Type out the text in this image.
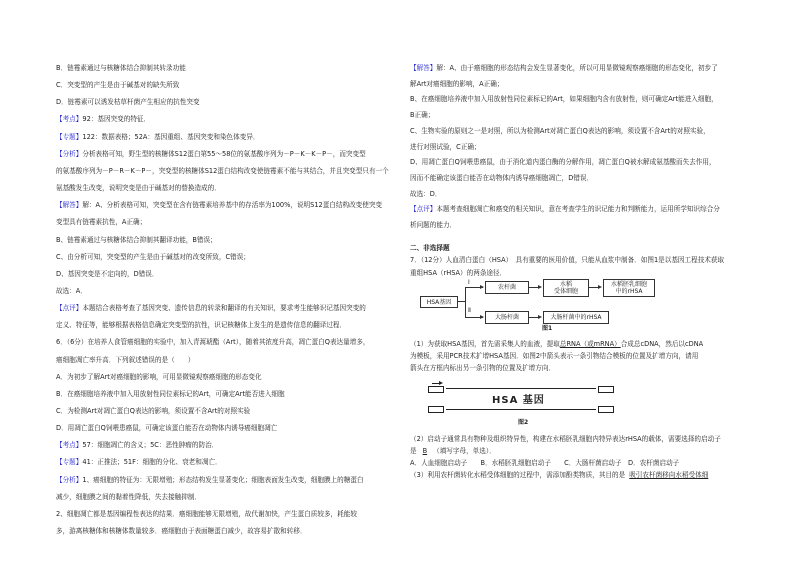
B．链霉素通过与核糖体结合抑制其转录功能
C．突变型的产生是由于碱基对的缺失所致
D．链霉素可以诱发枯草杆菌产生相应的抗性突变
【考点】92：基因突变的特征．
【专题】122：数据表格；52A：基因重组、基因突变和染色体变异．
【分析】分析表格可知，野生型的核糖体S12蛋白第55～58位的氨基酸序列为－P－K－K－P－，而突变型
的氨基酸序列为－P－R－K－P－，突变型的核糖体S12蛋白结构改变使链霉素不能与其结合，并且突变型只有一个
氨基酸发生改变，说明突变是由于碱基对的替换造成的．
【解答】解：A、分析表格可知，突变型在含有链霉素培养基中的存活率为100%，说明S12蛋白结构改变使突变
变型具有链霉素抗性，A正确；
B、链霉素通过与核糖体结合抑制其翻译功能，B错误；
C、由分析可知，突变型的产生是由于碱基对的改变所致，C错误；
D、基因突变是不定向的，D错误．
故选：A．
【点评】本题结合表格考查了基因突变、遗传信息的转录和翻译的有关知识，要求考生能够识记基因突变的
定义、特征等，能够根据表格信息确定突变型的抗性，识记核糖体上发生的是遗传信息的翻译过程．
6．（6分）在培养人食管癌细胞的实验中，加入青蒿琥酯（Art），随着其浓度升高，凋亡蛋白Q表达量增多，
癌细胞凋亡率升高．下列叙述错误的是（　　）
A．为初步了解Art对癌细胞的影响，可用显微镜观察癌细胞的形态变化
B．在癌细胞培养液中加入用放射性同位素标记的Art，可确定Art能否进入细胞
C．为检测Art对凋亡蛋白Q表达的影响，须设置不含Art的对照实验
D．用凋亡蛋白Q饲喂患癌鼠，可确定该蛋白能否在动物体内诱导癌细胞凋亡
【考点】57：细胞凋亡的含义；5C：恶性肿瘤的防治．
【专题】41：正推法；51F：细胞的分化、衰老和凋亡．
【分析】1、癌细胞的特征为：无限增殖；形态结构发生显著变化；细胞表面发生改变，细胞膜上的糖蛋白
减少，细胞膜之间的黏着性降低，失去接触抑制．
2、细胞凋亡都是基因编程性表达的结果．癌细胞能够无限增殖，故代谢加快，产生蛋白质较多，耗能较
多，游离核糖体和核糖体数量较多．癌细胞由于表面糖蛋白减少，故容易扩散和转移．
【解答】解：A、由于癌细胞的形态结构会发生显著变化，所以可用显微镜观察癌细胞的形态变化，初步了
解Art对癌细胞的影响，A正确；
B、在癌细胞培养液中加入用放射性同位素标记的Art，如果细胞内含有放射性，则可确定Art能进入细胞，
B正确；
C、生物实验的原则之一是对照，所以为检测Art对凋亡蛋白Q表达的影响，须设置不含Art的对照实验，
进行对照试验，C正确；
D、用凋亡蛋白Q饲喂患癌鼠，由于消化道内蛋白酶的分解作用，凋亡蛋白Q被水解成氨基酸而失去作用，
因而不能确定该蛋白能否在动物体内诱导癌细胞凋亡，D错误．
故选：D．
【点评】本题考查细胞凋亡和癌变的相关知识，意在考查学生的识记能力和判断能力，运用所学知识综合分
析问题的能力．
二、非选择题
7．（12分）人血清白蛋白（HSA）　具有重要的医用价值，只能从血浆中制备．如图1是以基因工程技术获取
重组HSA（rHSA）的两条途径．
HSA基因
Ⅰ
Ⅱ
农杆菌	水稻
受体细胞
水稻胚乳细胞
中的rHSA
大肠杆菌	大肠杆菌中的rHSA
图1
（1）为获取HSA基因，首先需采集人的血液，提取总RNA（或mRNA）合成总cDNA，然后以cDNA
为模板，采用PCR技术扩增HSA基因．如图2中箭头表示一条引物结合模板的位置及扩增方向，请用
箭头在方框内标出另一条引物的位置及扩增方向．
HSA 基因
图2
（2）启动子通常具有物种及组织特异性，构建在水稻胚乳细胞内特异表达rHSA的载体，需要选择的启动子
是 B （填写字母，单选）．
A．人血细胞启动子　　B．水稻胚乳细胞启动子　　C．大肠杆菌启动子　D．农杆菌启动子
（3）利用农杆菌转化水稻受体细胞的过程中，需添加酚类物质，其目的是 吸引农杆菌移向水稻受体细
